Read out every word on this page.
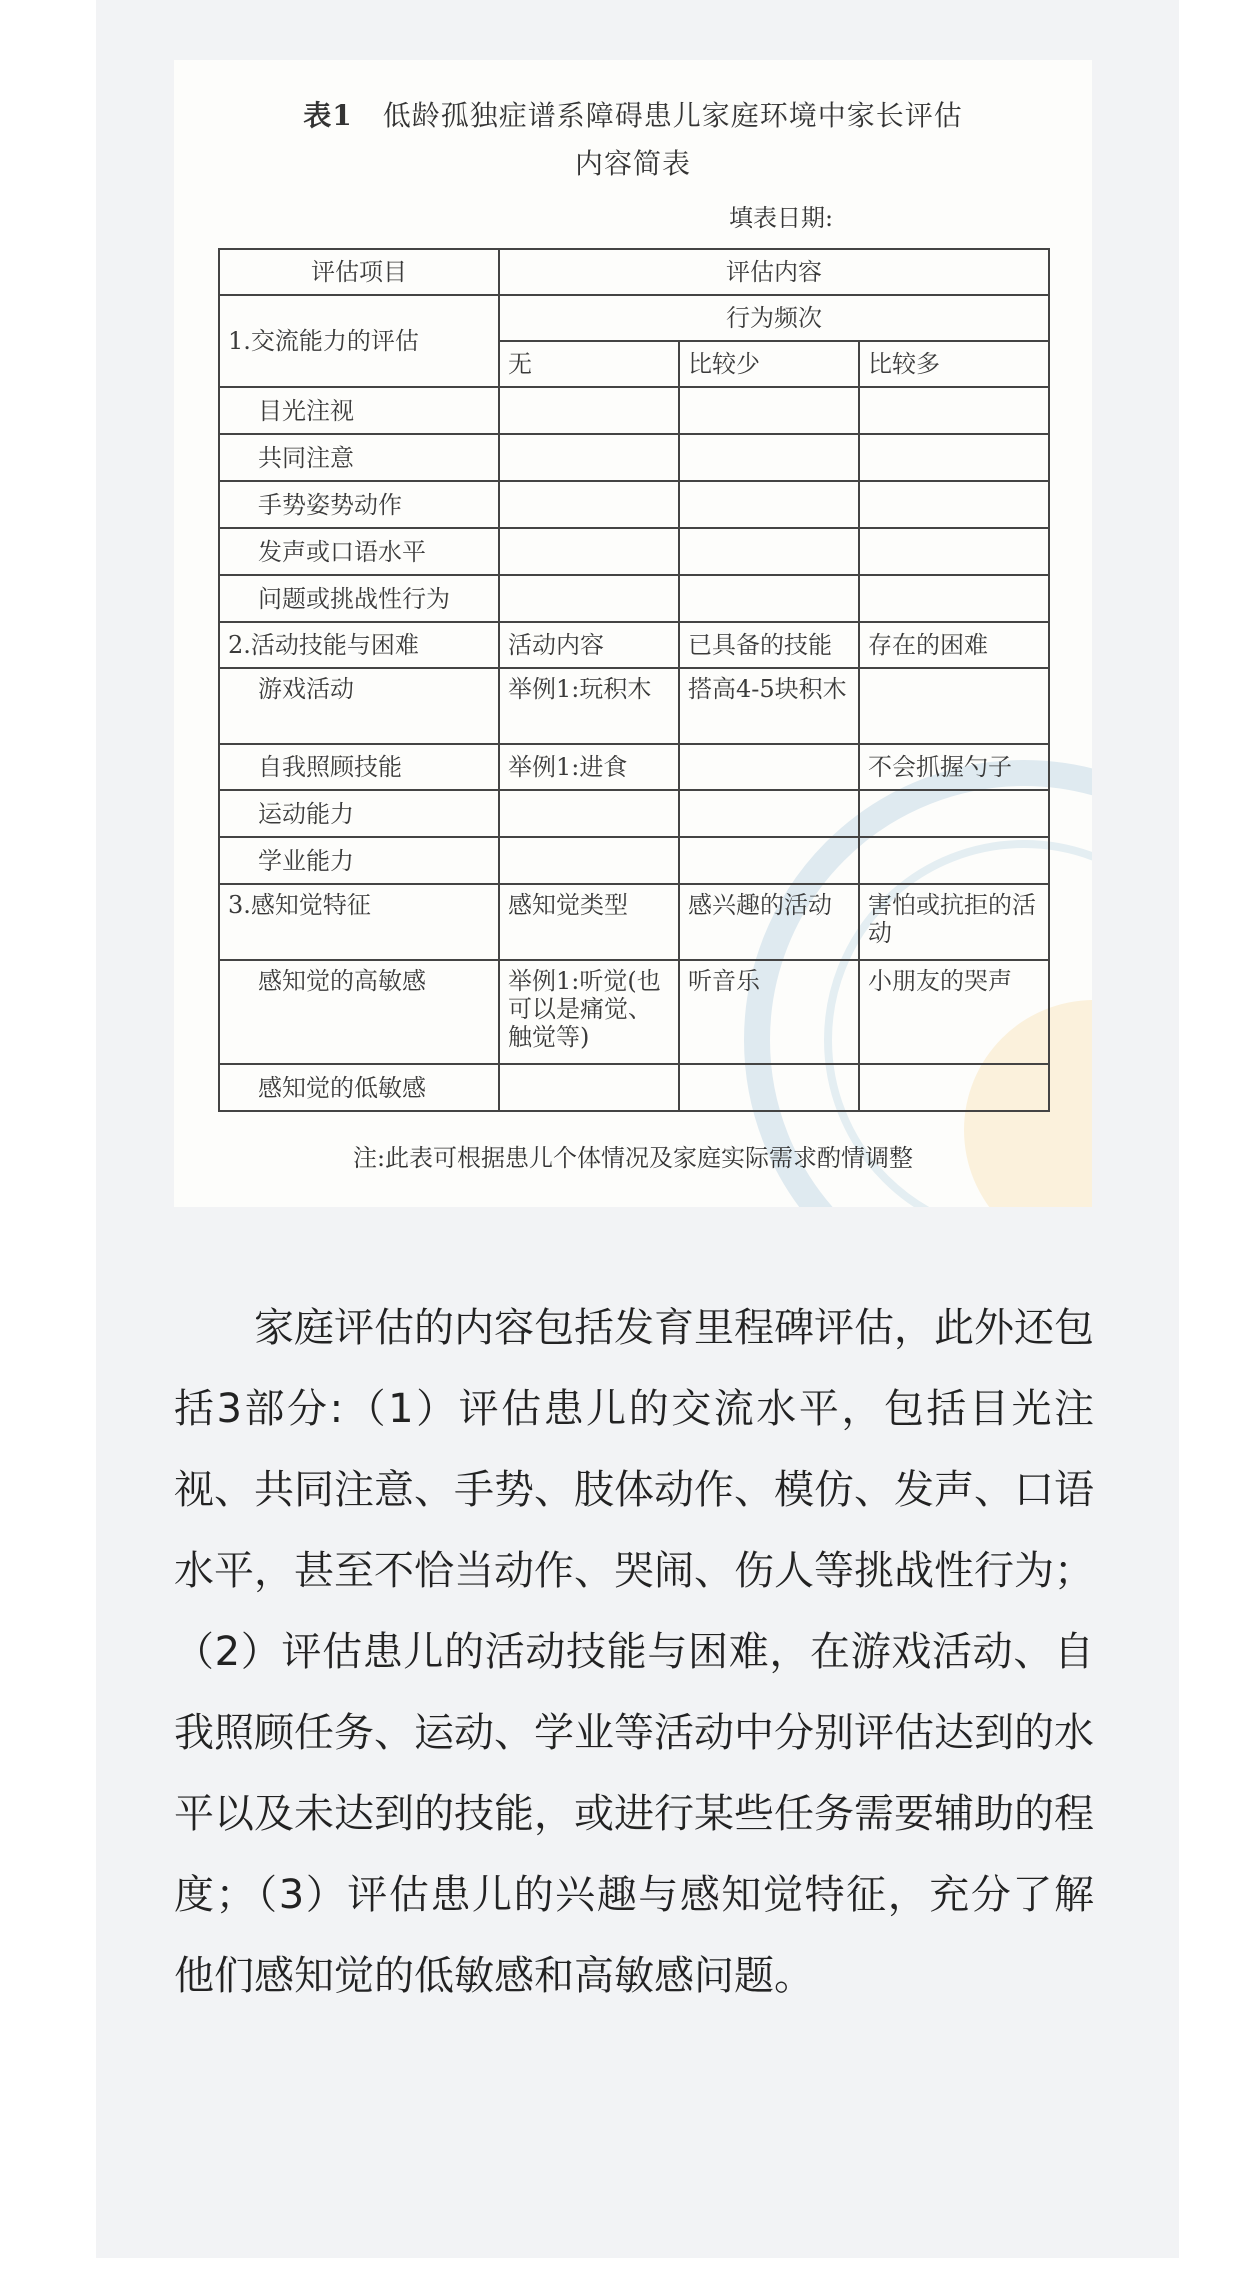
表1 低龄孤独症谱系障碍患儿家庭环境中家长评估
内容简表
填表日期:
评估项目	评估内容		
1.交流能力的评估	行为频次		
	无	比较少	比较多
目光注视			
共同注意			
手势姿势动作			
发声或口语水平			
问题或挑战性行为			
2.活动技能与困难	活动内容	已具备的技能	存在的困难
游戏活动	举例1:玩积木	搭高4-5块积木	
自我照顾技能	举例1:进食		不会抓握勺子
运动能力			
学业能力			
3.感知觉特征	感知觉类型	感兴趣的活动	害怕或抗拒的活动
感知觉的高敏感	举例1:听觉(也可以是痛觉、触觉等)	听音乐	小朋友的哭声
感知觉的低敏感			
注:此表可根据患儿个体情况及家庭实际需求酌情调整

家庭评估的内容包括发育里程碑评估，此外还包括3部分:（1）评估患儿的交流水平，包括目光注视、共同注意、手势、肢体动作、模仿、发声、口语水平，甚至不恰当动作、哭闹、伤人等挑战性行为；（2）评估患儿的活动技能与困难，在游戏活动、自我照顾任务、运动、学业等活动中分别评估达到的水平以及未达到的技能，或进行某些任务需要辅助的程度；（3）评估患儿的兴趣与感知觉特征，充分了解他们感知觉的低敏感和高敏感问题。
